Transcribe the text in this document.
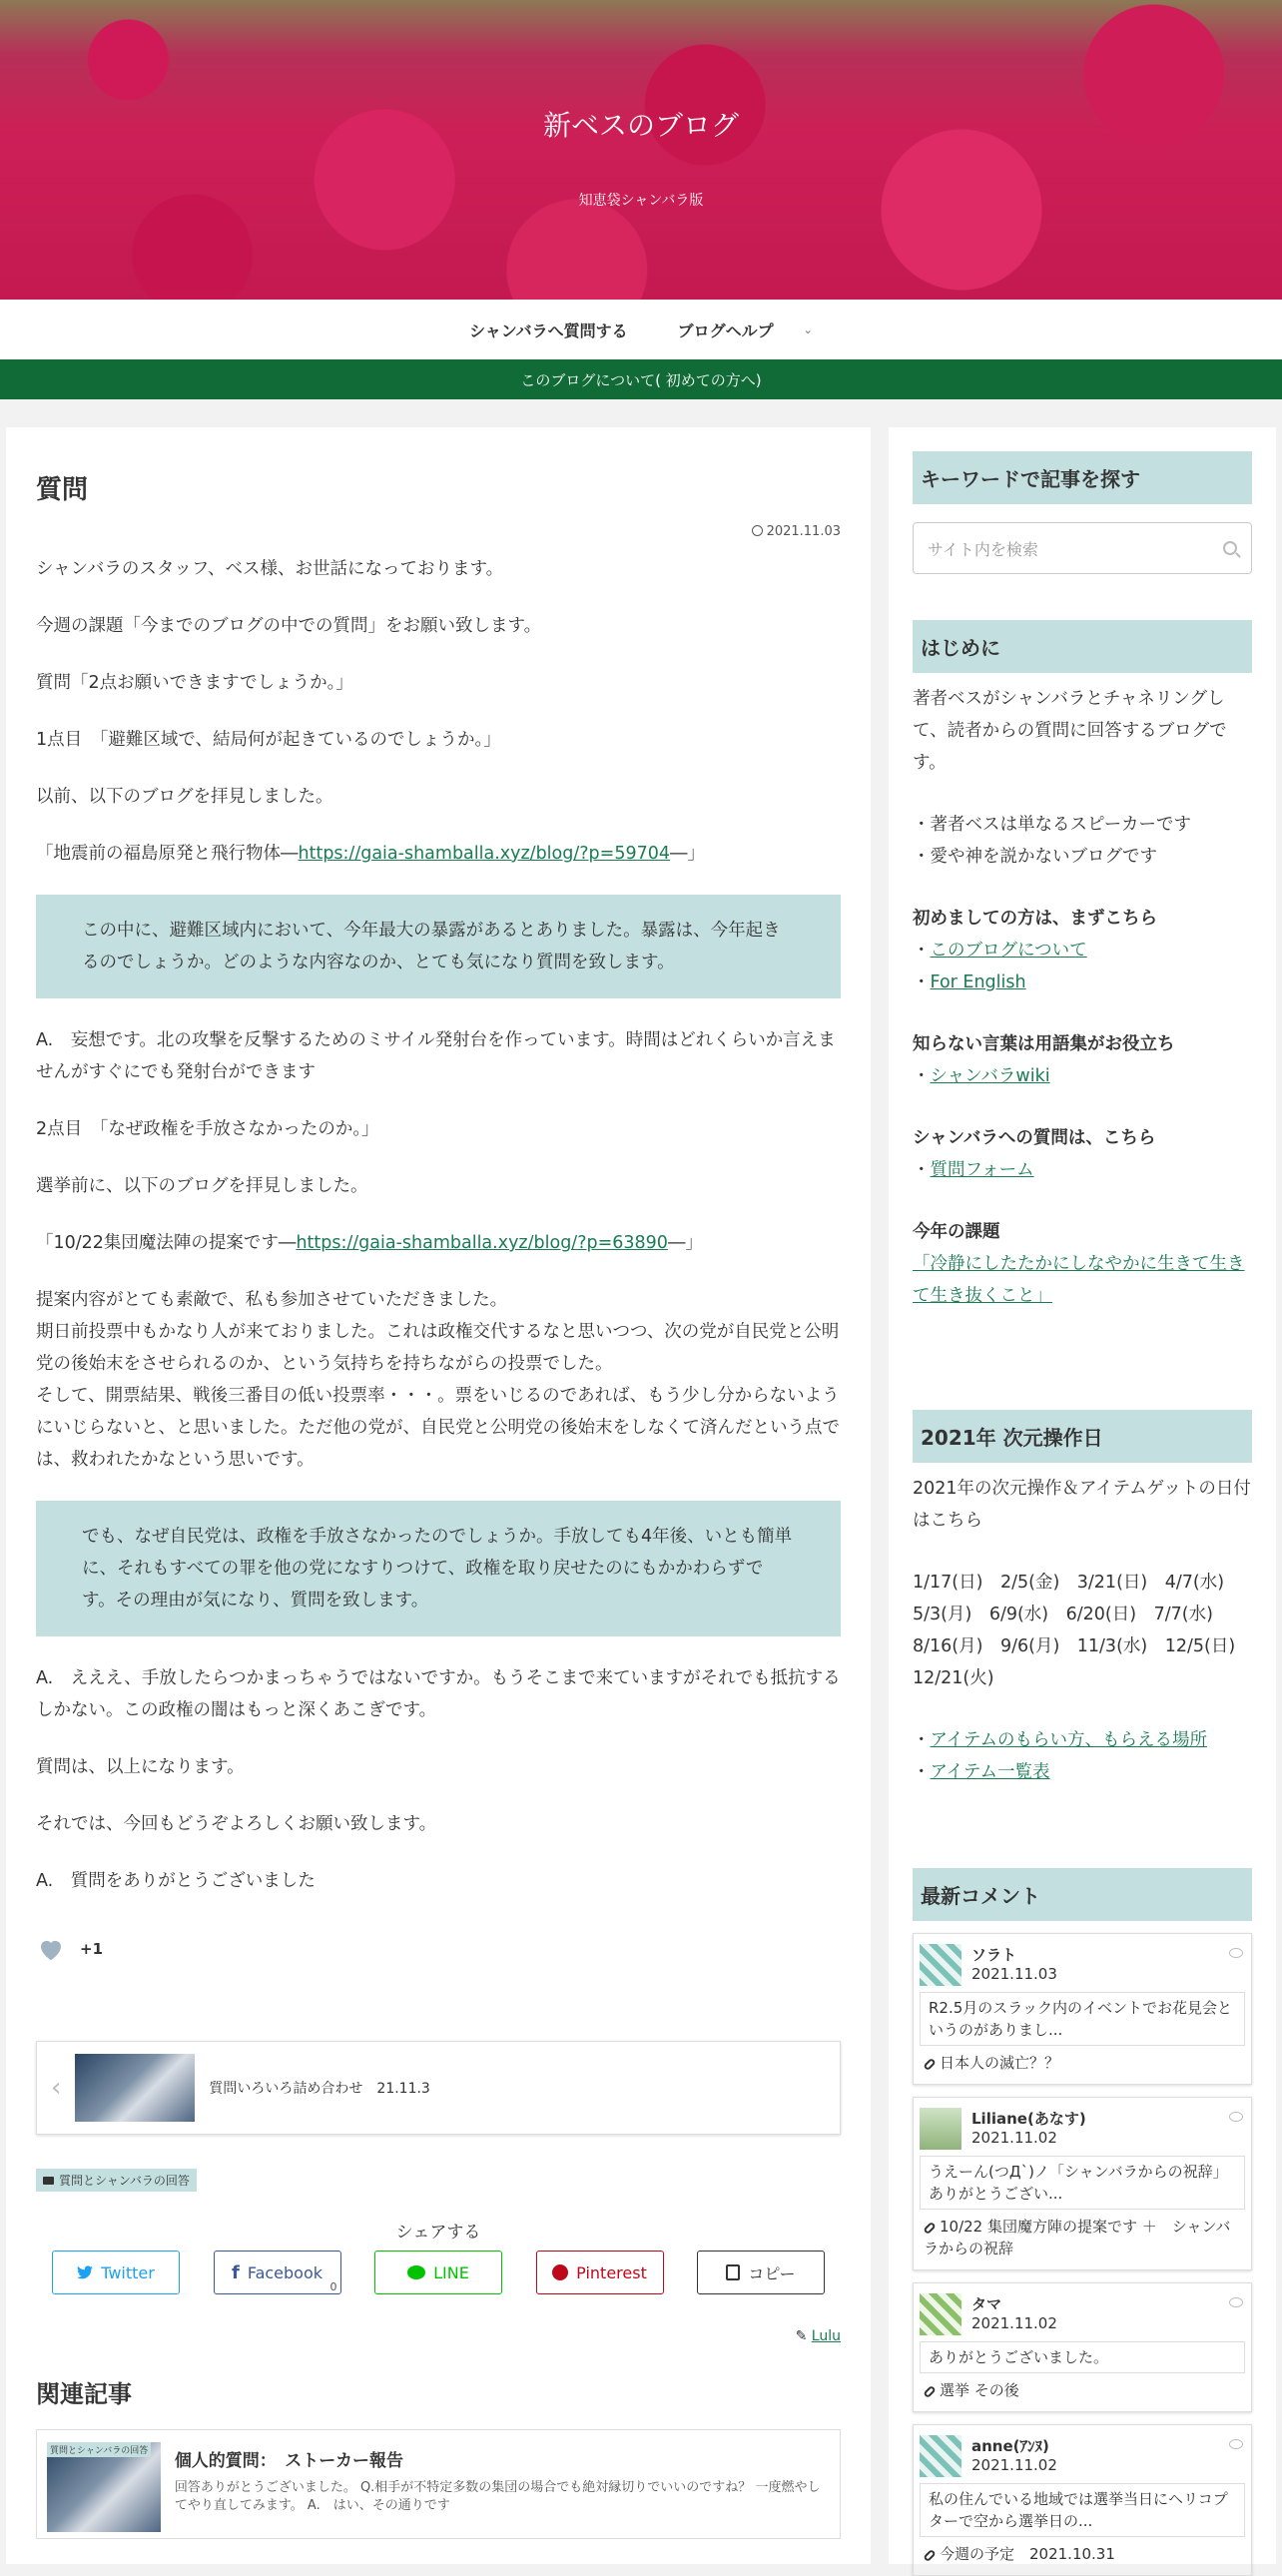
新ベスのブログ
知恵袋シャンバラ版
シャンバラへ質問する	ブログヘルプ	⌄
このブログについて( 初めての方へ)
質問
2021.11.03

シャンバラのスタッフ、ベス様、お世話になっております。

今週の課題「今までのブログの中での質問」をお願い致します。

質問「2点お願いできますでしょうか。」

1点目　「避難区域で、結局何が起きているのでしょうか。」

以前、以下のブログを拝見しました。

「地震前の福島原発と飛行物体―https://gaia-shamballa.xyz/blog/?p=59704―」

この中に、避難区域内において、今年最大の暴露があるとありました。暴露は、今年起きるのでしょうか。どのような内容なのか、とても気になり質問を致します。

A.　妄想です。北の攻撃を反撃するためのミサイル発射台を作っています。時間はどれくらいか言えませんがすぐにでも発射台ができます

2点目　「なぜ政権を手放さなかったのか。」

選挙前に、以下のブログを拝見しました。

「10/22集団魔法陣の提案です―https://gaia-shamballa.xyz/blog/?p=63890―」

提案内容がとても素敵で、私も参加させていただきました。

期日前投票中もかなり人が来ておりました。これは政権交代するなと思いつつ、次の党が自民党と公明党の後始末をさせられるのか、という気持ちを持ちながらの投票でした。

そして、開票結果、戦後三番目の低い投票率・・・。票をいじるのであれば、もう少し分からないようにいじらないと、と思いました。ただ他の党が、自民党と公明党の後始末をしなくて済んだという点では、救われたかなという思いです。

でも、なぜ自民党は、政権を手放さなかったのでしょうか。手放しても4年後、いとも簡単に、それもすべての罪を他の党になすりつけて、政権を取り戻せたのにもかかわらずです。その理由が気になり、質問を致します。

A.　えええ、手放したらつかまっちゃうではないですか。もうそこまで来ていますがそれでも抵抗するしかない。この政権の闇はもっと深くあこぎです。

質問は、以上になります。

それでは、今回もどうぞよろしくお願い致します。

A.　質問をありがとうございました

+1
‹	質問いろいろ詰め合わせ　21.11.3
質問とシャンバラの回答
シェアする
Twitter	f Facebook
0
LINE	Pinterest	コピー
✎ Lulu
関連記事
質問とシャンバラの回答 個人的質問：　ストーカー報告
回答ありがとうございました。 Q.相手が不特定多数の集団の場合でも絶対縁切りでいいのですね？ 一度燃やしてやり直してみます。 A.　はい、その通りです
キーワードで記事を探す
サイト内を検索
はじめに
著者ベスがシャンバラとチャネリングして、読者からの質問に回答するブログです。
・著者ベスは単なるスピーカーです
・愛や神を説かないブログです
初めましての方は、まずこちら
・このブログについて
・For English
知らない言葉は用語集がお役立ち
・シャンバラwiki
シャンバラへの質問は、こちら
・質問フォーム
今年の課題
「冷静にしたたかにしなやかに生きて生きて生き抜くこと」
2021年 次元操作日
2021年の次元操作＆アイテムゲットの日付はこちら
1/17(日)　2/5(金)　3/21(日)　4/7(水)
5/3(月)　6/9(水)　6/20(日)　7/7(水)
8/16(月)　9/6(月)　11/3(水)　12/5(日)
12/21(火)
・アイテムのもらい方、もらえる場所
・アイテム一覧表
最新コメント
ソラト
2021.11.03
R2.5月のスラック内のイベントでお花見会というのがありまし...
日本人の滅亡？？
Liliane(あなす)
2021.11.02
うえーん(つД`)ノ「シャンバラからの祝辞」ありがとうござい...
10/22 集団魔方陣の提案です ＋　シャンバラからの祝辞
タマ
2021.11.02
ありがとうございました。
選挙 その後
anne(ｱﾝﾇ)
2021.11.02
私の住んでいる地域では選挙当日にヘリコプターで空から選挙日の...
今週の予定　2021.10.31
